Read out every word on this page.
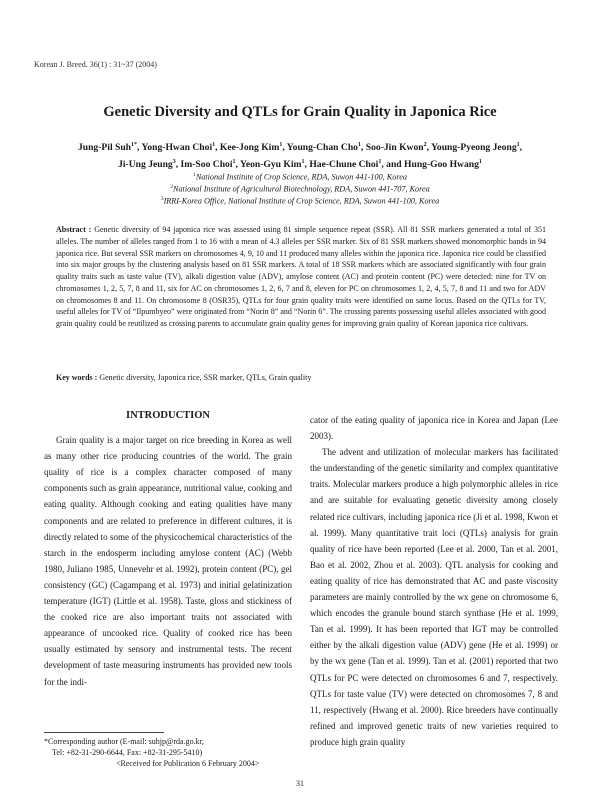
Korean J. Breed. 36(1) : 31~37 (2004)
Genetic Diversity and QTLs for Grain Quality in Japonica Rice
Jung-Pil Suh$^{1*}$, Yong-Hwan Choi$^1$, Kee-Jong Kim$^1$, Young-Chan Cho$^1$, Soo-Jin Kwon$^2$, Young-Pyeong Jeong$^1$,
Ji-Ung Jeung$^3$, Im-Soo Choi$^1$, Yeon-Gyu Kim$^1$, Hae-Chune Choi$^1$, and Hung-Goo Hwang$^1$
$^1$National Institute of Crop Science, RDA, Suwon 441-100, Korea
$^2$National Institute of Agricultural Biotechnology, RDA, Suwon 441-707, Korea
$^3$IRRI-Korea Office, National Institute of Crop Science, RDA, Suwon 441-100, Korea
Abstract : Genetic diversity of 94 japonica rice was assessed using 81 simple sequence repeat (SSR). All 81 SSR markers generated a total of 351 alleles. The number of alleles ranged from 1 to 16 with a mean of 4.3 alleles per SSR marker. Six of 81 SSR markers showed monomorphic bands in 94 japonica rice. But several SSR markers on chromosomes 4, 9, 10 and 11 produced many alleles within the japonica rice. Japonica rice could be classified into six major groups by the clustering analysis based on 81 SSR markers. A total of 18 SSR markers which are associated significantly with four grain quality traits such as taste value (TV), alkali digestion value (ADV), amylose content (AC) and protein content (PC) were detected: nine for TV on chromosomes 1, 2, 5, 7, 8 and 11, six for AC on chromosomes 1, 2, 6, 7 and 8, eleven for PC on chromosomes 1, 2, 4, 5, 7, 8 and 11 and two for ADV on chromosomes 8 and 11. On chromosome 8 (OSR35), QTLs for four grain quality traits were identified on same locus. Based on the QTLs for TV, useful alleles for TV of “Ilpumbyeo” were originated from “Norin 8” and “Norin 6”. The crossing parents possessing useful alleles associated with good grain quality could be reutilized as crossing parents to accumulate grain quality genes for improving grain quality of Korean japonica rice cultivars.
Key words : Genetic diversity, Japonica rice, SSR marker, QTLs, Grain quality
INTRODUCTION

Grain quality is a major target on rice breeding in Korea as well as many other rice producing countries of the world. The grain quality of rice is a complex character composed of many components such as grain appearance, nutritional value, cooking and eating quality. Although cooking and eating qualities have many components and are related to preference in different cultures, it is directly related to some of the physicochemical characteristics of the starch in the endosperm including amylose content (AC) (Webb 1980, Juliano 1985, Unnevehr et al. 1992), protein content (PC), gel consistency (GC) (Cagampang et al. 1973) and initial gelatinization temperature (IGT) (Little et al. 1958). Taste, gloss and stickiness of the cooked rice are also important traits not associated with appearance of uncooked rice. Quality of cooked rice has been usually estimated by sensory and instrumental tests. The recent development of taste measuring instruments has provided new tools for the indi-

cator of the eating quality of japonica rice in Korea and Japan (Lee 2003).

The advent and utilization of molecular markers has facilitated the understanding of the genetic similarity and complex quantitative traits. Molecular markers produce a high polymorphic alleles in rice and are suitable for evaluating genetic diversity among closely related rice cultivars, including japonica rice (Ji et al. 1998, Kwon et al. 1999). Many quantitative trait loci (QTLs) analysis for grain quality of rice have been reported (Lee et al. 2000, Tan et al. 2001, Bao et al. 2002, Zhou et al. 2003). QTL analysis for cooking and eating quality of rice has demonstrated that AC and paste viscosity parameters are mainly controlled by the wx gene on chromosome 6, which encodes the granule bound starch synthase (He et al. 1999, Tan et al. 1999). It has been reported that IGT may be controlled either by the alkali digestion value (ADV) gene (He et al. 1999) or by the wx gene (Tan et al. 1999). Tan et al. (2001) reported that two QTLs for PC were detected on chromosomes 6 and 7, respectively. QTLs for taste value (TV) were detected on chromosomes 7, 8 and 11, respectively (Hwang et al. 2000). Rice breeders have continually refined and improved genetic traits of new varieties required to produce high grain quality

*Corresponding author (E-mail: suhjp@rda.go.kr,
Tel: +82-31-290-6644, Fax: +82-31-295-5410)
<Received for Publication 6 February 2004>
31
